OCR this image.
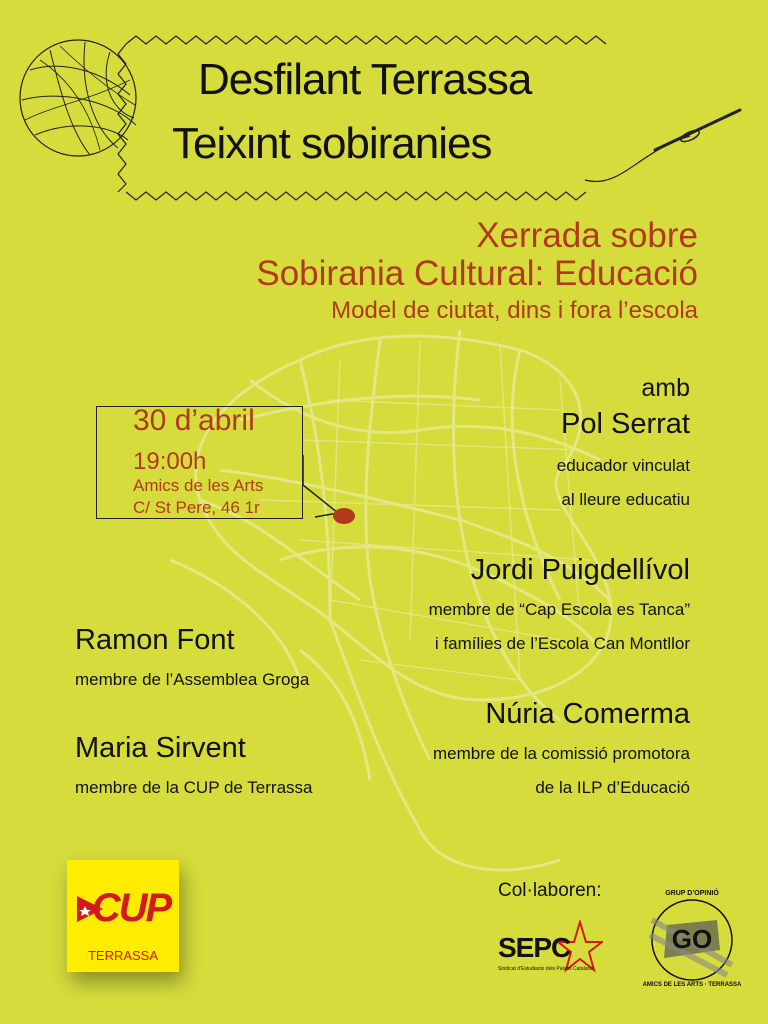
Desfilant Terrassa
Teixint sobiranies
Xerrada sobre
Sobirania Cultural: Educació
Model de ciutat, dins i fora l’escola
30 d’abril
19:00h
Amics de les Arts
C/ St Pere, 46 1r
amb
Pol Serrat
educador vinculat
al lleure educatiu
Jordi Puigdellívol
membre de “Cap Escola es Tanca”
i famílies de l’Escola Can Montllor
Núria Comerma
membre de la comissió promotora
de la ILP d’Educació
Ramon Font
membre de l’Assemblea Groga
Maria Sirvent
membre de la CUP de Terrassa
CUP
TERRASSA
Col·laboren:
SEPC
Sindicat d’Estudiants dels Països Catalans
GO
GRUP D’OPINIÓ
AMICS DE LES ARTS · TERRASSA
